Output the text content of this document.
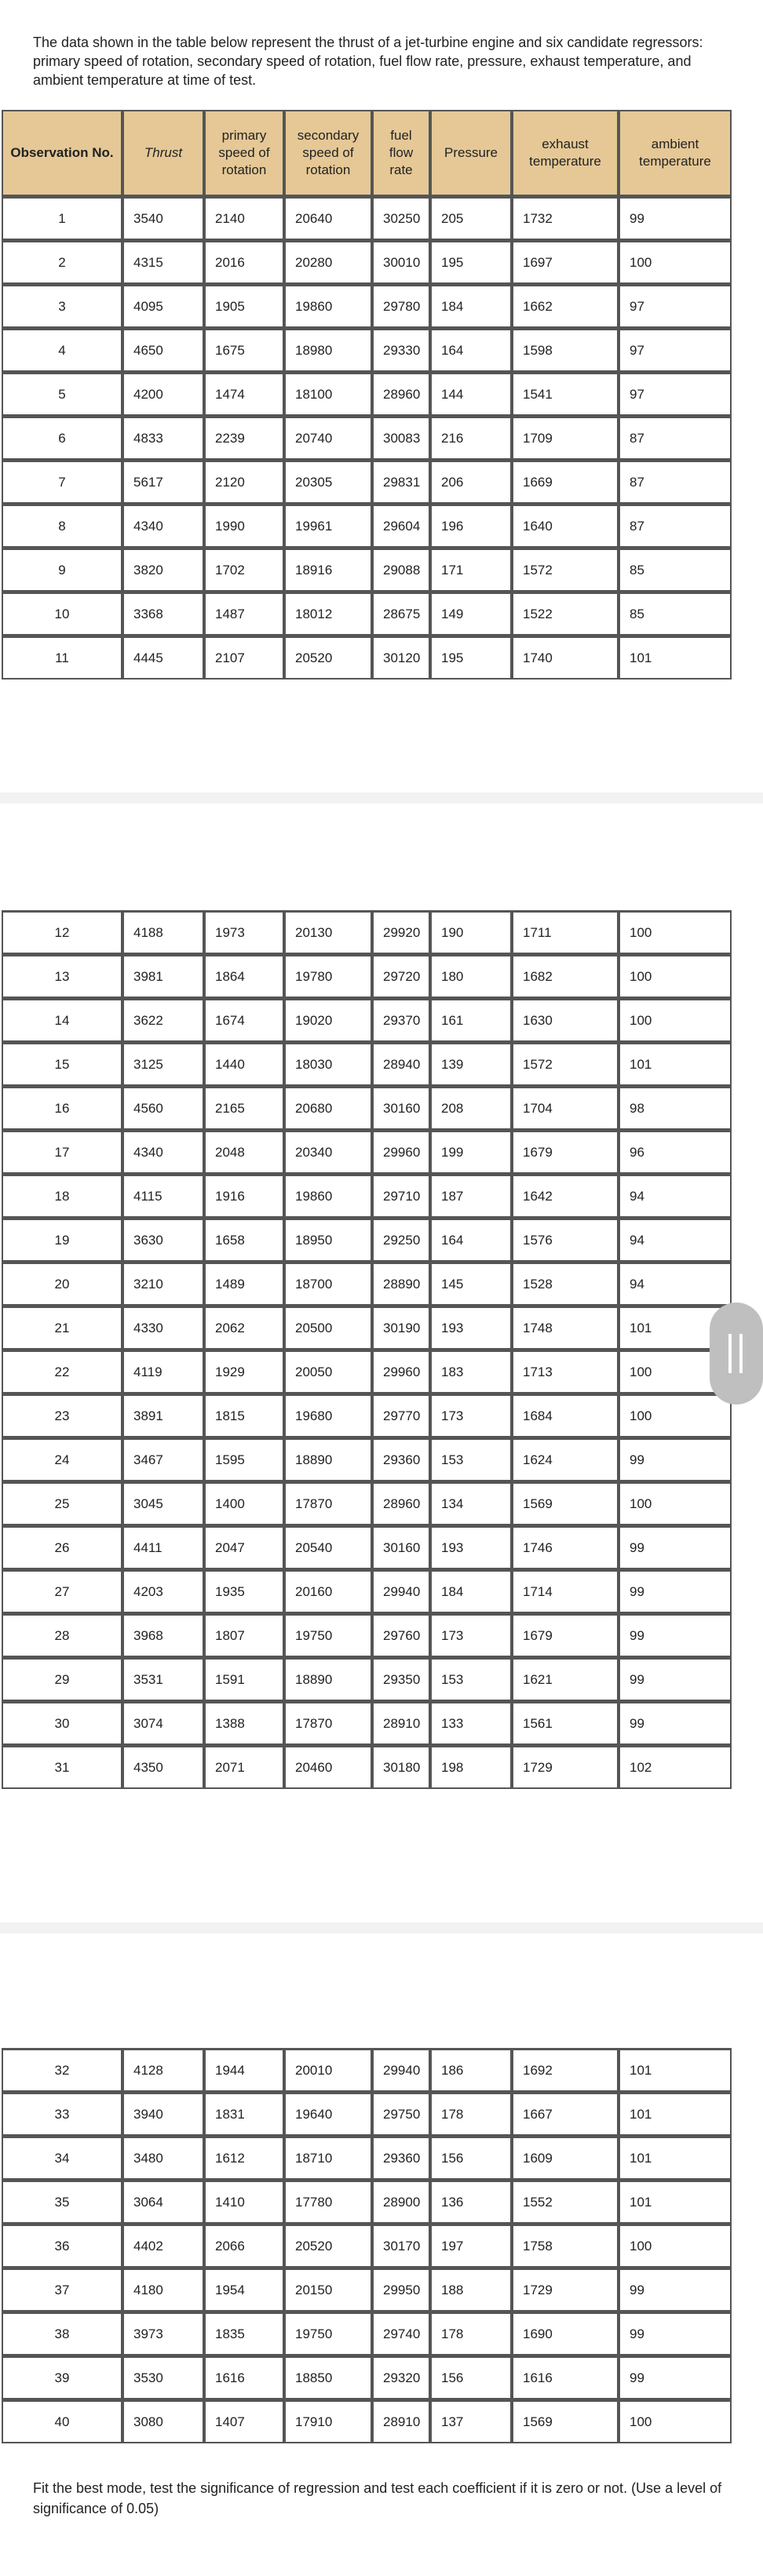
The data shown in the table below represent the thrust of a jet-turbine engine and six candidate regressors: primary speed of rotation, secondary speed of rotation, fuel flow rate, pressure, exhaust temperature, and ambient temperature at time of test.
Observation No.	Thrust	primary speed of rotation	secondary speed of rotation	fuel flow rate	Pressure	exhaust temperature	ambient temperature
1	3540	2140	20640	30250	205	1732	99
2	4315	2016	20280	30010	195	1697	100
3	4095	1905	19860	29780	184	1662	97
4	4650	1675	18980	29330	164	1598	97
5	4200	1474	18100	28960	144	1541	97
6	4833	2239	20740	30083	216	1709	87
7	5617	2120	20305	29831	206	1669	87
8	4340	1990	19961	29604	196	1640	87
9	3820	1702	18916	29088	171	1572	85
10	3368	1487	18012	28675	149	1522	85
11	4445	2107	20520	30120	195	1740	101
12	4188	1973	20130	29920	190	1711	100
13	3981	1864	19780	29720	180	1682	100
14	3622	1674	19020	29370	161	1630	100
15	3125	1440	18030	28940	139	1572	101
16	4560	2165	20680	30160	208	1704	98
17	4340	2048	20340	29960	199	1679	96
18	4115	1916	19860	29710	187	1642	94
19	3630	1658	18950	29250	164	1576	94
20	3210	1489	18700	28890	145	1528	94
21	4330	2062	20500	30190	193	1748	101
22	4119	1929	20050	29960	183	1713	100
23	3891	1815	19680	29770	173	1684	100
24	3467	1595	18890	29360	153	1624	99
25	3045	1400	17870	28960	134	1569	100
26	4411	2047	20540	30160	193	1746	99
27	4203	1935	20160	29940	184	1714	99
28	3968	1807	19750	29760	173	1679	99
29	3531	1591	18890	29350	153	1621	99
30	3074	1388	17870	28910	133	1561	99
31	4350	2071	20460	30180	198	1729	102
32	4128	1944	20010	29940	186	1692	101
33	3940	1831	19640	29750	178	1667	101
34	3480	1612	18710	29360	156	1609	101
35	3064	1410	17780	28900	136	1552	101
36	4402	2066	20520	30170	197	1758	100
37	4180	1954	20150	29950	188	1729	99
38	3973	1835	19750	29740	178	1690	99
39	3530	1616	18850	29320	156	1616	99
40	3080	1407	17910	28910	137	1569	100
Fit the best mode, test the significance of regression and test each coefficient if it is zero or not. (Use a level of significance of 0.05)
